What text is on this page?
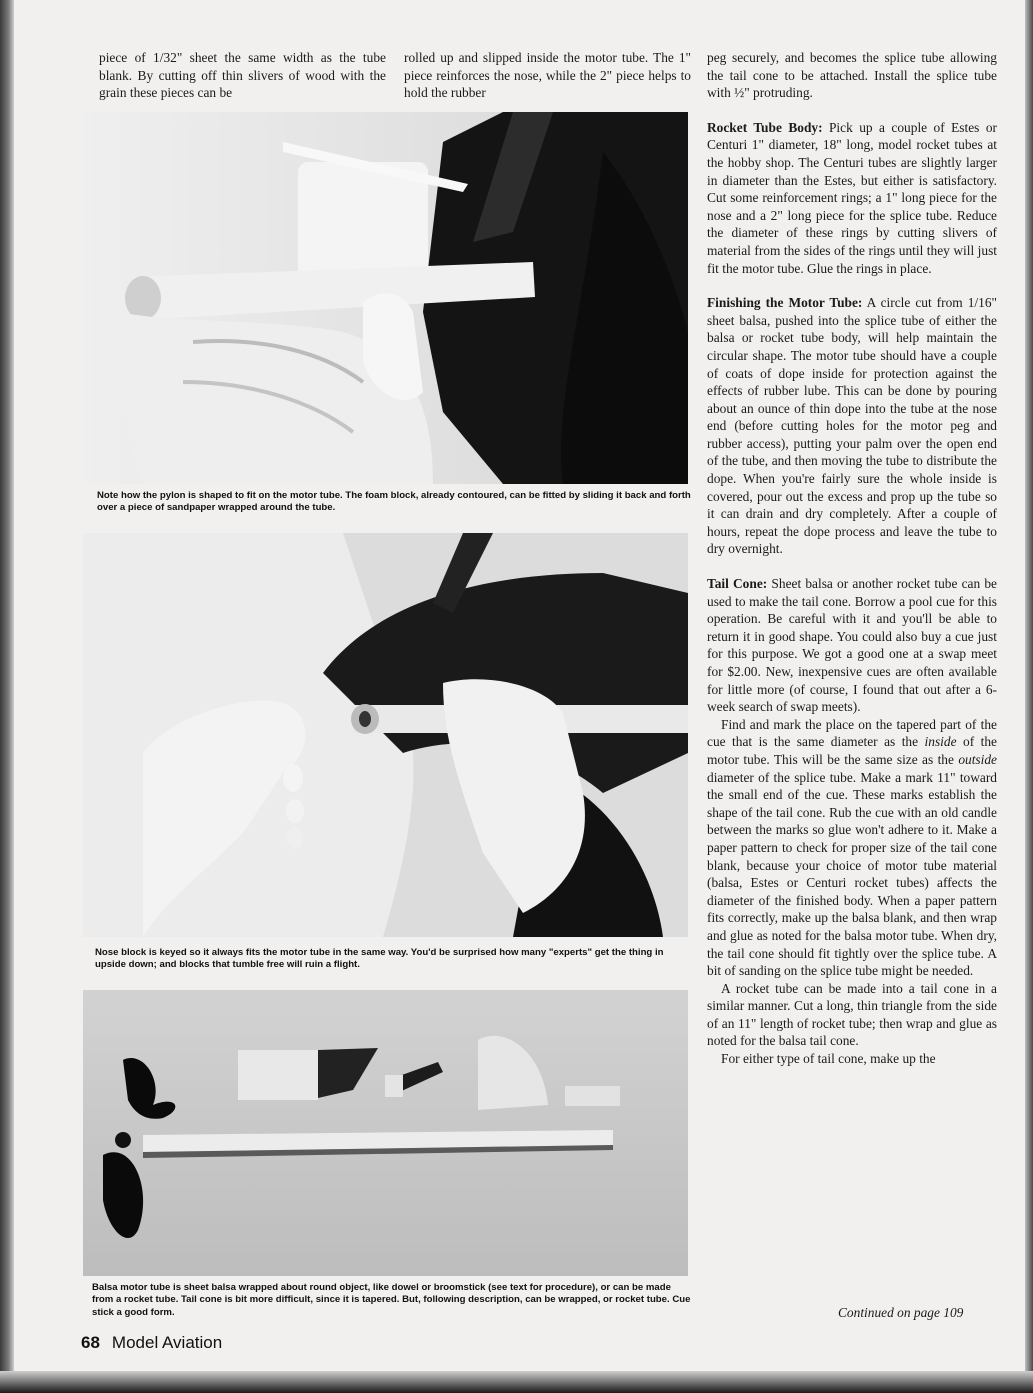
piece of 1/32" sheet the same width as the tube blank. By cutting off thin slivers of wood with the grain these pieces can be

rolled up and slipped inside the motor tube. The 1" piece reinforces the nose, while the 2" piece helps to hold the rubber

peg securely, and becomes the splice tube allowing the tail cone to be attached. Install the splice tube with ½" protruding.

Rocket Tube Body: Pick up a couple of Estes or Centuri 1" diameter, 18" long, model rocket tubes at the hobby shop. The Centuri tubes are slightly larger in diameter than the Estes, but either is satisfactory. Cut some reinforcement rings; a 1" long piece for the nose and a 2" long piece for the splice tube. Reduce the diameter of these rings by cutting slivers of material from the sides of the rings until they will just fit the motor tube. Glue the rings in place.

Finishing the Motor Tube: A circle cut from 1/16" sheet balsa, pushed into the splice tube of either the balsa or rocket tube body, will help maintain the circular shape. The motor tube should have a couple of coats of dope inside for protection against the effects of rubber lube. This can be done by pouring about an ounce of thin dope into the tube at the nose end (before cutting holes for the motor peg and rubber access), putting your palm over the open end of the tube, and then moving the tube to distribute the dope. When you're fairly sure the whole inside is covered, pour out the excess and prop up the tube so it can drain and dry completely. After a couple of hours, repeat the dope process and leave the tube to dry overnight.

Tail Cone: Sheet balsa or another rocket tube can be used to make the tail cone. Borrow a pool cue for this operation. Be careful with it and you'll be able to return it in good shape. You could also buy a cue just for this purpose. We got a good one at a swap meet for $2.00. New, inexpensive cues are often available for little more (of course, I found that out after a 6-week search of swap meets).

Find and mark the place on the tapered part of the cue that is the same diameter as the inside of the motor tube. This will be the same size as the outside diameter of the splice tube. Make a mark 11" toward the small end of the cue. These marks establish the shape of the tail cone. Rub the cue with an old candle between the marks so glue won't adhere to it. Make a paper pattern to check for proper size of the tail cone blank, because your choice of motor tube material (balsa, Estes or Centuri rocket tubes) affects the diameter of the finished body. When a paper pattern fits correctly, make up the balsa blank, and then wrap and glue as noted for the balsa motor tube. When dry, the tail cone should fit tightly over the splice tube. A bit of sanding on the splice tube might be needed.

A rocket tube can be made into a tail cone in a similar manner. Cut a long, thin triangle from the side of an 11" length of rocket tube; then wrap and glue as noted for the balsa tail cone.

For either type of tail cone, make up the

Continued on page 109
Note how the pylon is shaped to fit on the motor tube. The foam block, already contoured, can be fitted by sliding it back and forth over a piece of sandpaper wrapped around the tube.
Nose block is keyed so it always fits the motor tube in the same way. You'd be surprised how many "experts" get the thing in upside down; and blocks that tumble free will ruin a flight.
Balsa motor tube is sheet balsa wrapped about round object, like dowel or broomstick (see text for procedure), or can be made from a rocket tube. Tail cone is bit more difficult, since it is tapered. But, following description, can be wrapped, or rocket tube. Cue stick a good form.
68 Model Aviation
